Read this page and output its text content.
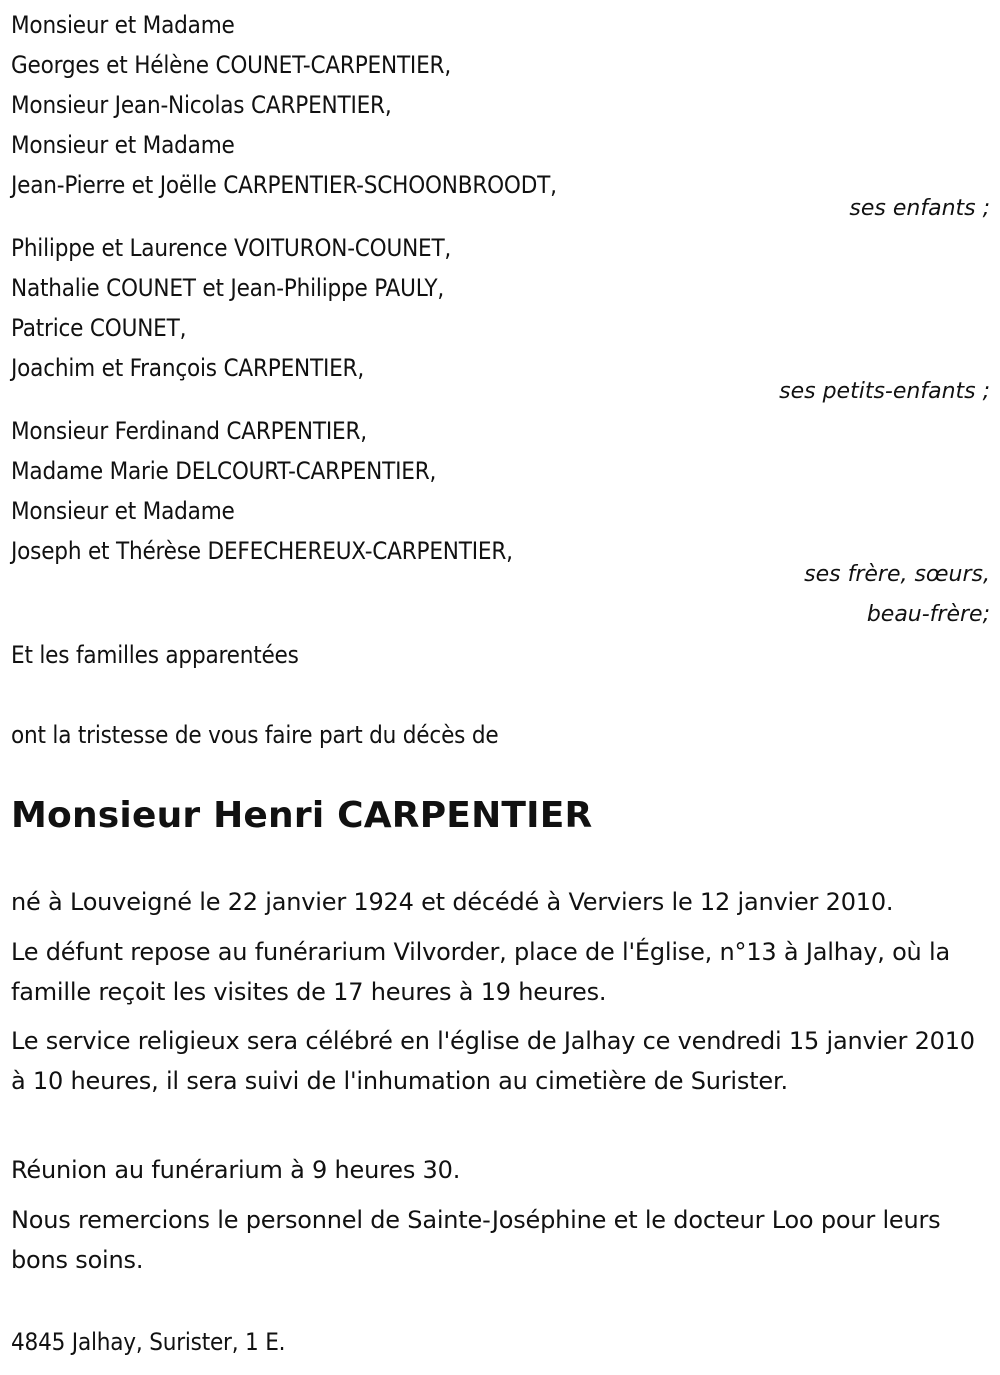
Monsieur et Madame
Georges et Hélène COUNET-CARPENTIER,
Monsieur Jean-Nicolas CARPENTIER,
Monsieur et Madame
Jean-Pierre et Joëlle CARPENTIER-SCHOONBROODT,
ses enfants ;
Philippe et Laurence VOITURON-COUNET,
Nathalie COUNET et Jean-Philippe PAULY,
Patrice COUNET,
Joachim et François CARPENTIER,
ses petits-enfants ;
Monsieur Ferdinand CARPENTIER,
Madame Marie DELCOURT-CARPENTIER,
Monsieur et Madame
Joseph et Thérèse DEFECHEREUX-CARPENTIER,
ses frère, sœurs,
beau-frère;
Et les familles apparentées
ont la tristesse de vous faire part du décès de
Monsieur Henri CARPENTIER
né à Louveigné le 22 janvier 1924 et décédé à Verviers le 12 janvier 2010.
Le défunt repose au funérarium Vilvorder, place de l'Église, n°13 à Jalhay, où la famille reçoit les visites de 17 heures à 19 heures.
Le service religieux sera célébré en l'église de Jalhay ce vendredi 15 janvier 2010 à 10 heures, il sera suivi de l'inhumation au cimetière de Surister.
Réunion au funérarium à 9 heures 30.
Nous remercions le personnel de Sainte-Joséphine et le docteur Loo pour leurs bons soins.
4845 Jalhay, Surister, 1 E.
